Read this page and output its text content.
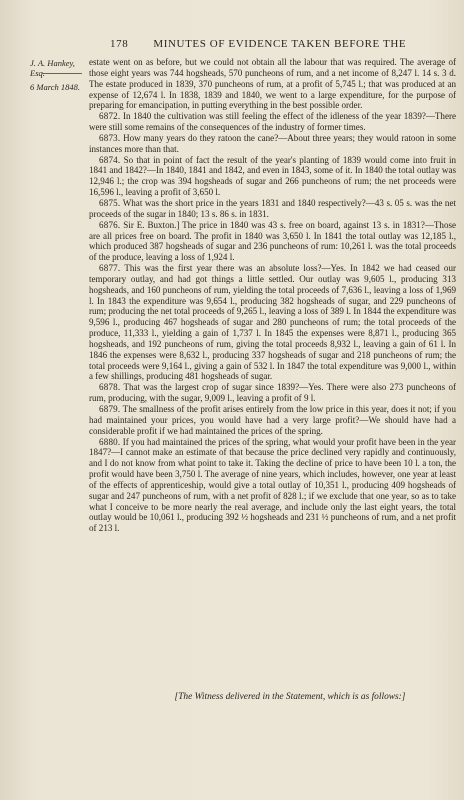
178 MINUTES OF EVIDENCE TAKEN BEFORE THE
J. A. Hankey, Esq.
6 March 1848.

estate went on as before, but we could not obtain all the labour that was required. The average of those eight years was 744 hogsheads, 570 puncheons of rum, and a net income of 8,247 l. 14 s. 3 d. The estate produced in 1839, 370 puncheons of rum, at a profit of 5,745 l.; that was produced at an expense of 12,674 l. In 1838, 1839 and 1840, we went to a large expenditure, for the purpose of preparing for emancipation, in putting everything in the best possible order.

6872. In 1840 the cultivation was still feeling the effect of the idleness of the year 1839?—There were still some remains of the consequences of the industry of former times.

6873. How many years do they ratoon the cane?—About three years; they would ratoon in some instances more than that.

6874. So that in point of fact the result of the year's planting of 1839 would come into fruit in 1841 and 1842?—In 1840, 1841 and 1842, and even in 1843, some of it. In 1840 the total outlay was 12,946 l.; the crop was 394 hogsheads of sugar and 266 puncheons of rum; the net proceeds were 16,596 l., leaving a profit of 3,650 l.

6875. What was the short price in the years 1831 and 1840 respectively?—43 s. 05 s. was the net proceeds of the sugar in 1840; 13 s. 86 s. in 1831.

6876. Sir E. Buxton.] The price in 1840 was 43 s. free on board, against 13 s. in 1831?—Those are all prices free on board. The profit in 1840 was 3,650 l. In 1841 the total outlay was 12,185 l., which produced 387 hogsheads of sugar and 236 puncheons of rum: 10,261 l. was the total proceeds of the produce, leaving a loss of 1,924 l.

6877. This was the first year there was an absolute loss?—Yes. In 1842 we had ceased our temporary outlay, and had got things a little settled. Our outlay was 9,605 l., producing 313 hogsheads, and 160 puncheons of rum, yielding the total proceeds of 7,636 l., leaving a loss of 1,969 l. In 1843 the expenditure was 9,654 l., producing 382 hogsheads of sugar, and 229 puncheons of rum; producing the net total proceeds of 9,265 l., leaving a loss of 389 l. In 1844 the expenditure was 9,596 l., producing 467 hogsheads of sugar and 280 puncheons of rum; the total proceeds of the produce, 11,333 l., yielding a gain of 1,737 l. In 1845 the expenses were 8,871 l., producing 365 hogsheads, and 192 puncheons of rum, giving the total proceeds 8,932 l., leaving a gain of 61 l. In 1846 the expenses were 8,632 l., producing 337 hogsheads of sugar and 218 puncheons of rum; the total proceeds were 9,164 l., giving a gain of 532 l. In 1847 the total expenditure was 9,000 l., within a few shillings, producing 481 hogsheads of sugar.

6878. That was the largest crop of sugar since 1839?—Yes. There were also 273 puncheons of rum, producing, with the sugar, 9,009 l., leaving a profit of 9 l.

6879. The smallness of the profit arises entirely from the low price in this year, does it not; if you had maintained your prices, you would have had a very large profit?—We should have had a considerable profit if we had maintained the prices of the spring.

6880. If you had maintained the prices of the spring, what would your profit have been in the year 1847?—I cannot make an estimate of that because the price declined very rapidly and continuously, and I do not know from what point to take it. Taking the decline of price to have been 10 l. a ton, the profit would have been 3,750 l. The average of nine years, which includes, however, one year at least of the effects of apprenticeship, would give a total outlay of 10,351 l., producing 409 hogsheads of sugar and 247 puncheons of rum, with a net profit of 828 l.; if we exclude that one year, so as to take what I conceive to be more nearly the real average, and include only the last eight years, the total outlay would be 10,061 l., producing 392 ½ hogsheads and 231 ½ puncheons of rum, and a net profit of 213 l.

[The Witness delivered in the Statement, which is as follows:]
